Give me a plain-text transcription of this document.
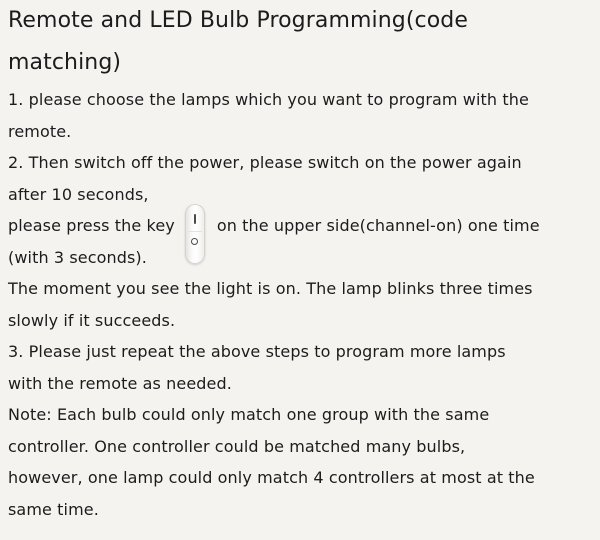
Remote and LED Bulb Programming(code
matching)

1. please choose the lamps which you want to program with the
remote.
2. Then switch off the power, please switch on the power again
after 10 seconds,
please press the key	on the upper side(channel-on) one time
(with 3 seconds).
The moment you see the light is on. The lamp blinks three times
slowly if it succeeds.
3. Please just repeat the above steps to program more lamps
with the remote as needed.
Note: Each bulb could only match one group with the same
controller. One controller could be matched many bulbs,
however, one lamp could only match 4 controllers at most at the
same time.
